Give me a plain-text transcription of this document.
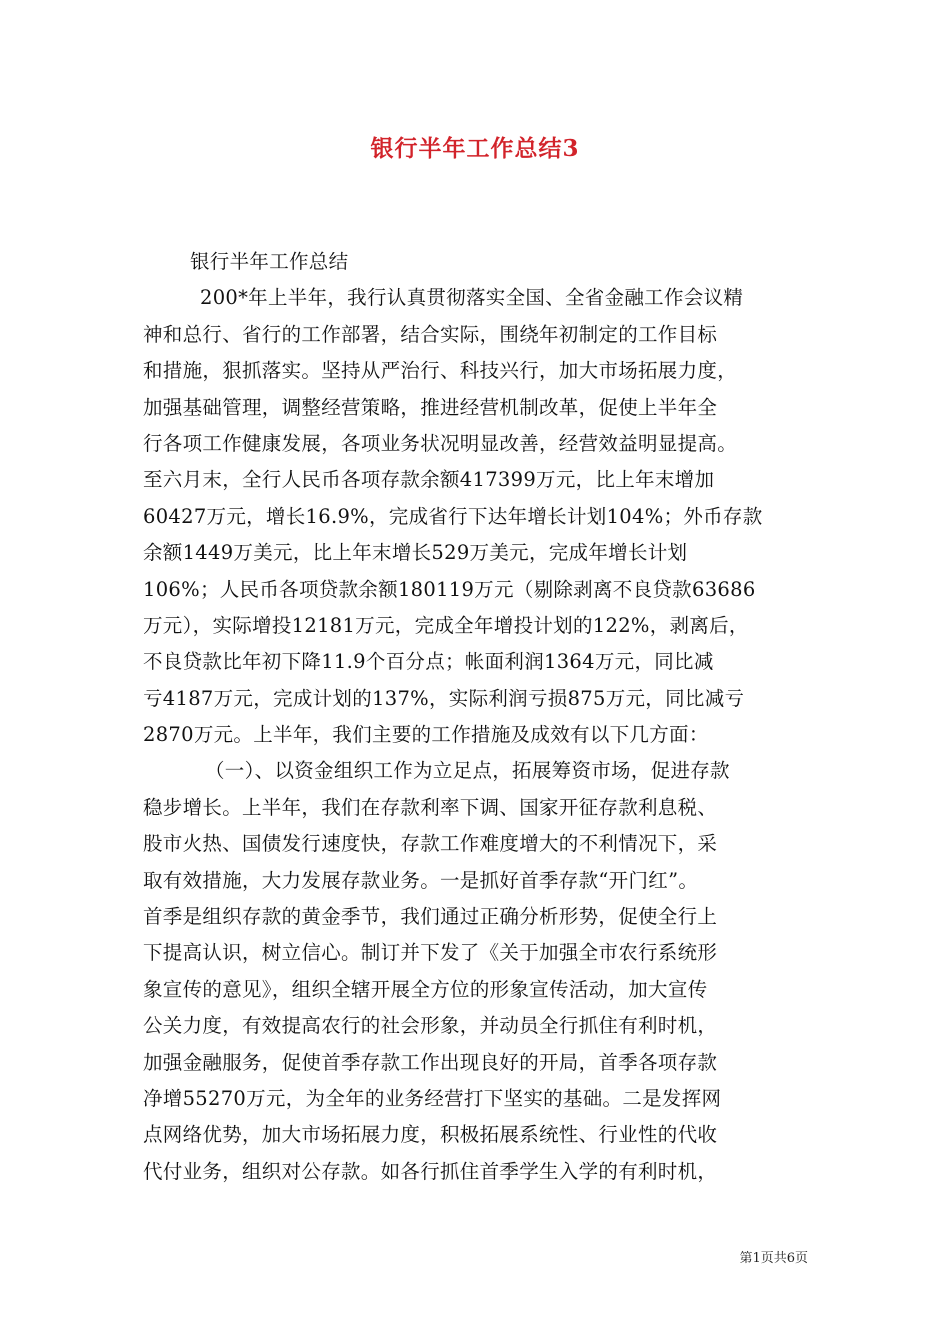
银行半年工作总结3
银行半年工作总结
200*年上半年，我行认真贯彻落实全国、全省金融工作会议精
神和总行、省行的工作部署，结合实际，围绕年初制定的工作目标
和措施，狠抓落实。坚持从严治行、科技兴行，加大市场拓展力度，
加强基础管理，调整经营策略，推进经营机制改革，促使上半年全
行各项工作健康发展，各项业务状况明显改善，经营效益明显提高。
至六月末，全行人民币各项存款余额417399万元，比上年末增加
60427万元，增长16.9%，完成省行下达年增长计划104%；外币存款
余额1449万美元，比上年末增长529万美元，完成年增长计划
106%；人民币各项贷款余额180119万元（剔除剥离不良贷款63686
万元），实际增投12181万元，完成全年增投计划的122%，剥离后，
不良贷款比年初下降11.9个百分点；帐面利润1364万元，同比减
亏4187万元，完成计划的137%，实际利润亏损875万元，同比减亏
2870万元。上半年，我们主要的工作措施及成效有以下几方面：
（一）、以资金组织工作为立足点，拓展筹资市场，促进存款
稳步增长。上半年，我们在存款利率下调、国家开征存款利息税、
股市火热、国债发行速度快，存款工作难度增大的不利情况下，采
取有效措施，大力发展存款业务。一是抓好首季存款“开门红”。
首季是组织存款的黄金季节，我们通过正确分析形势，促使全行上
下提高认识，树立信心。制订并下发了《关于加强全市农行系统形
象宣传的意见》，组织全辖开展全方位的形象宣传活动，加大宣传
公关力度，有效提高农行的社会形象，并动员全行抓住有利时机，
加强金融服务，促使首季存款工作出现良好的开局，首季各项存款
净增55270万元，为全年的业务经营打下坚实的基础。二是发挥网
点网络优势，加大市场拓展力度，积极拓展系统性、行业性的代收
代付业务，组织对公存款。如各行抓住首季学生入学的有利时机，
第1页共6页
